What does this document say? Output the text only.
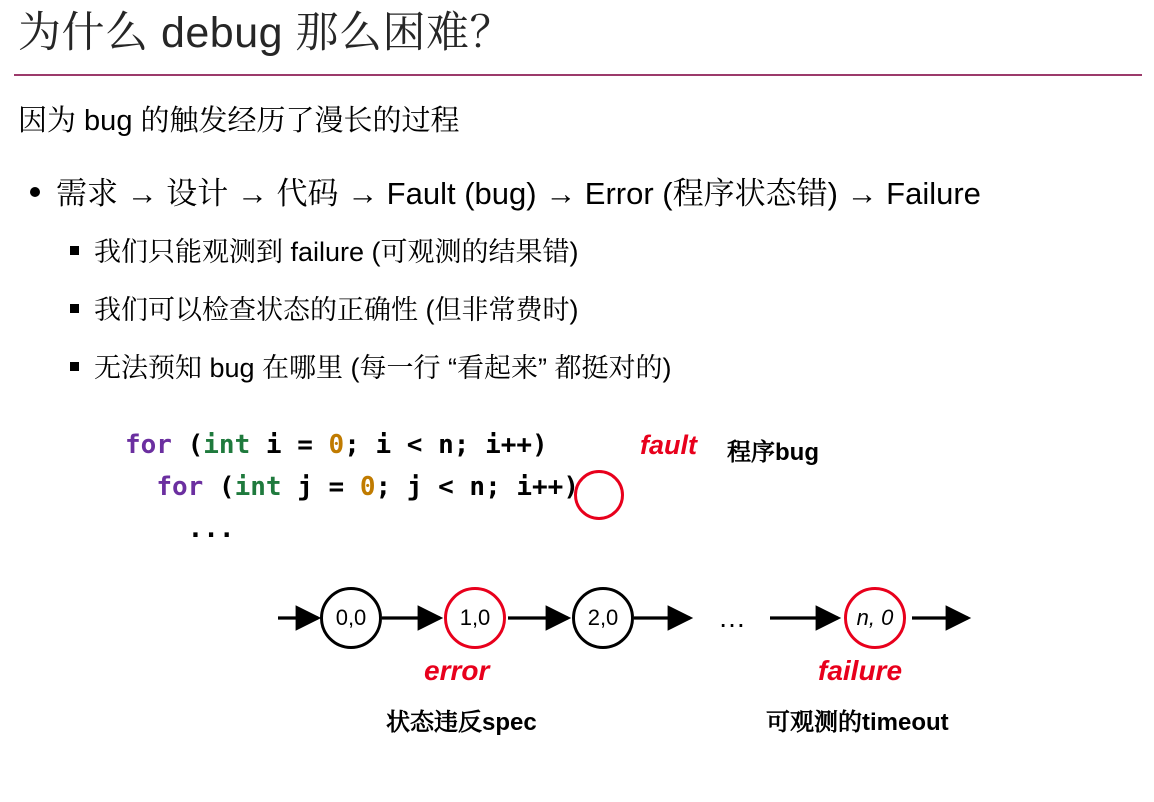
为什么 debug 那么困难？
因为 bug 的触发经历了漫长的过程
需求 → 设计 → 代码 → Fault (bug) → Error (程序状态错) → Failure
我们只能观测到 failure (可观测的结果错)
我们可以检查状态的正确性 (但非常费时)
无法预知 bug 在哪里 (每一行 “看起来” 都挺对的)
for (int i = 0; i < n; i++)
for (int j = 0; j < n; i++)
...
fault 程序bug
0,0	1,0	2,0	…	n, 0
error	failure
状态违反spec	可观测的timeout
